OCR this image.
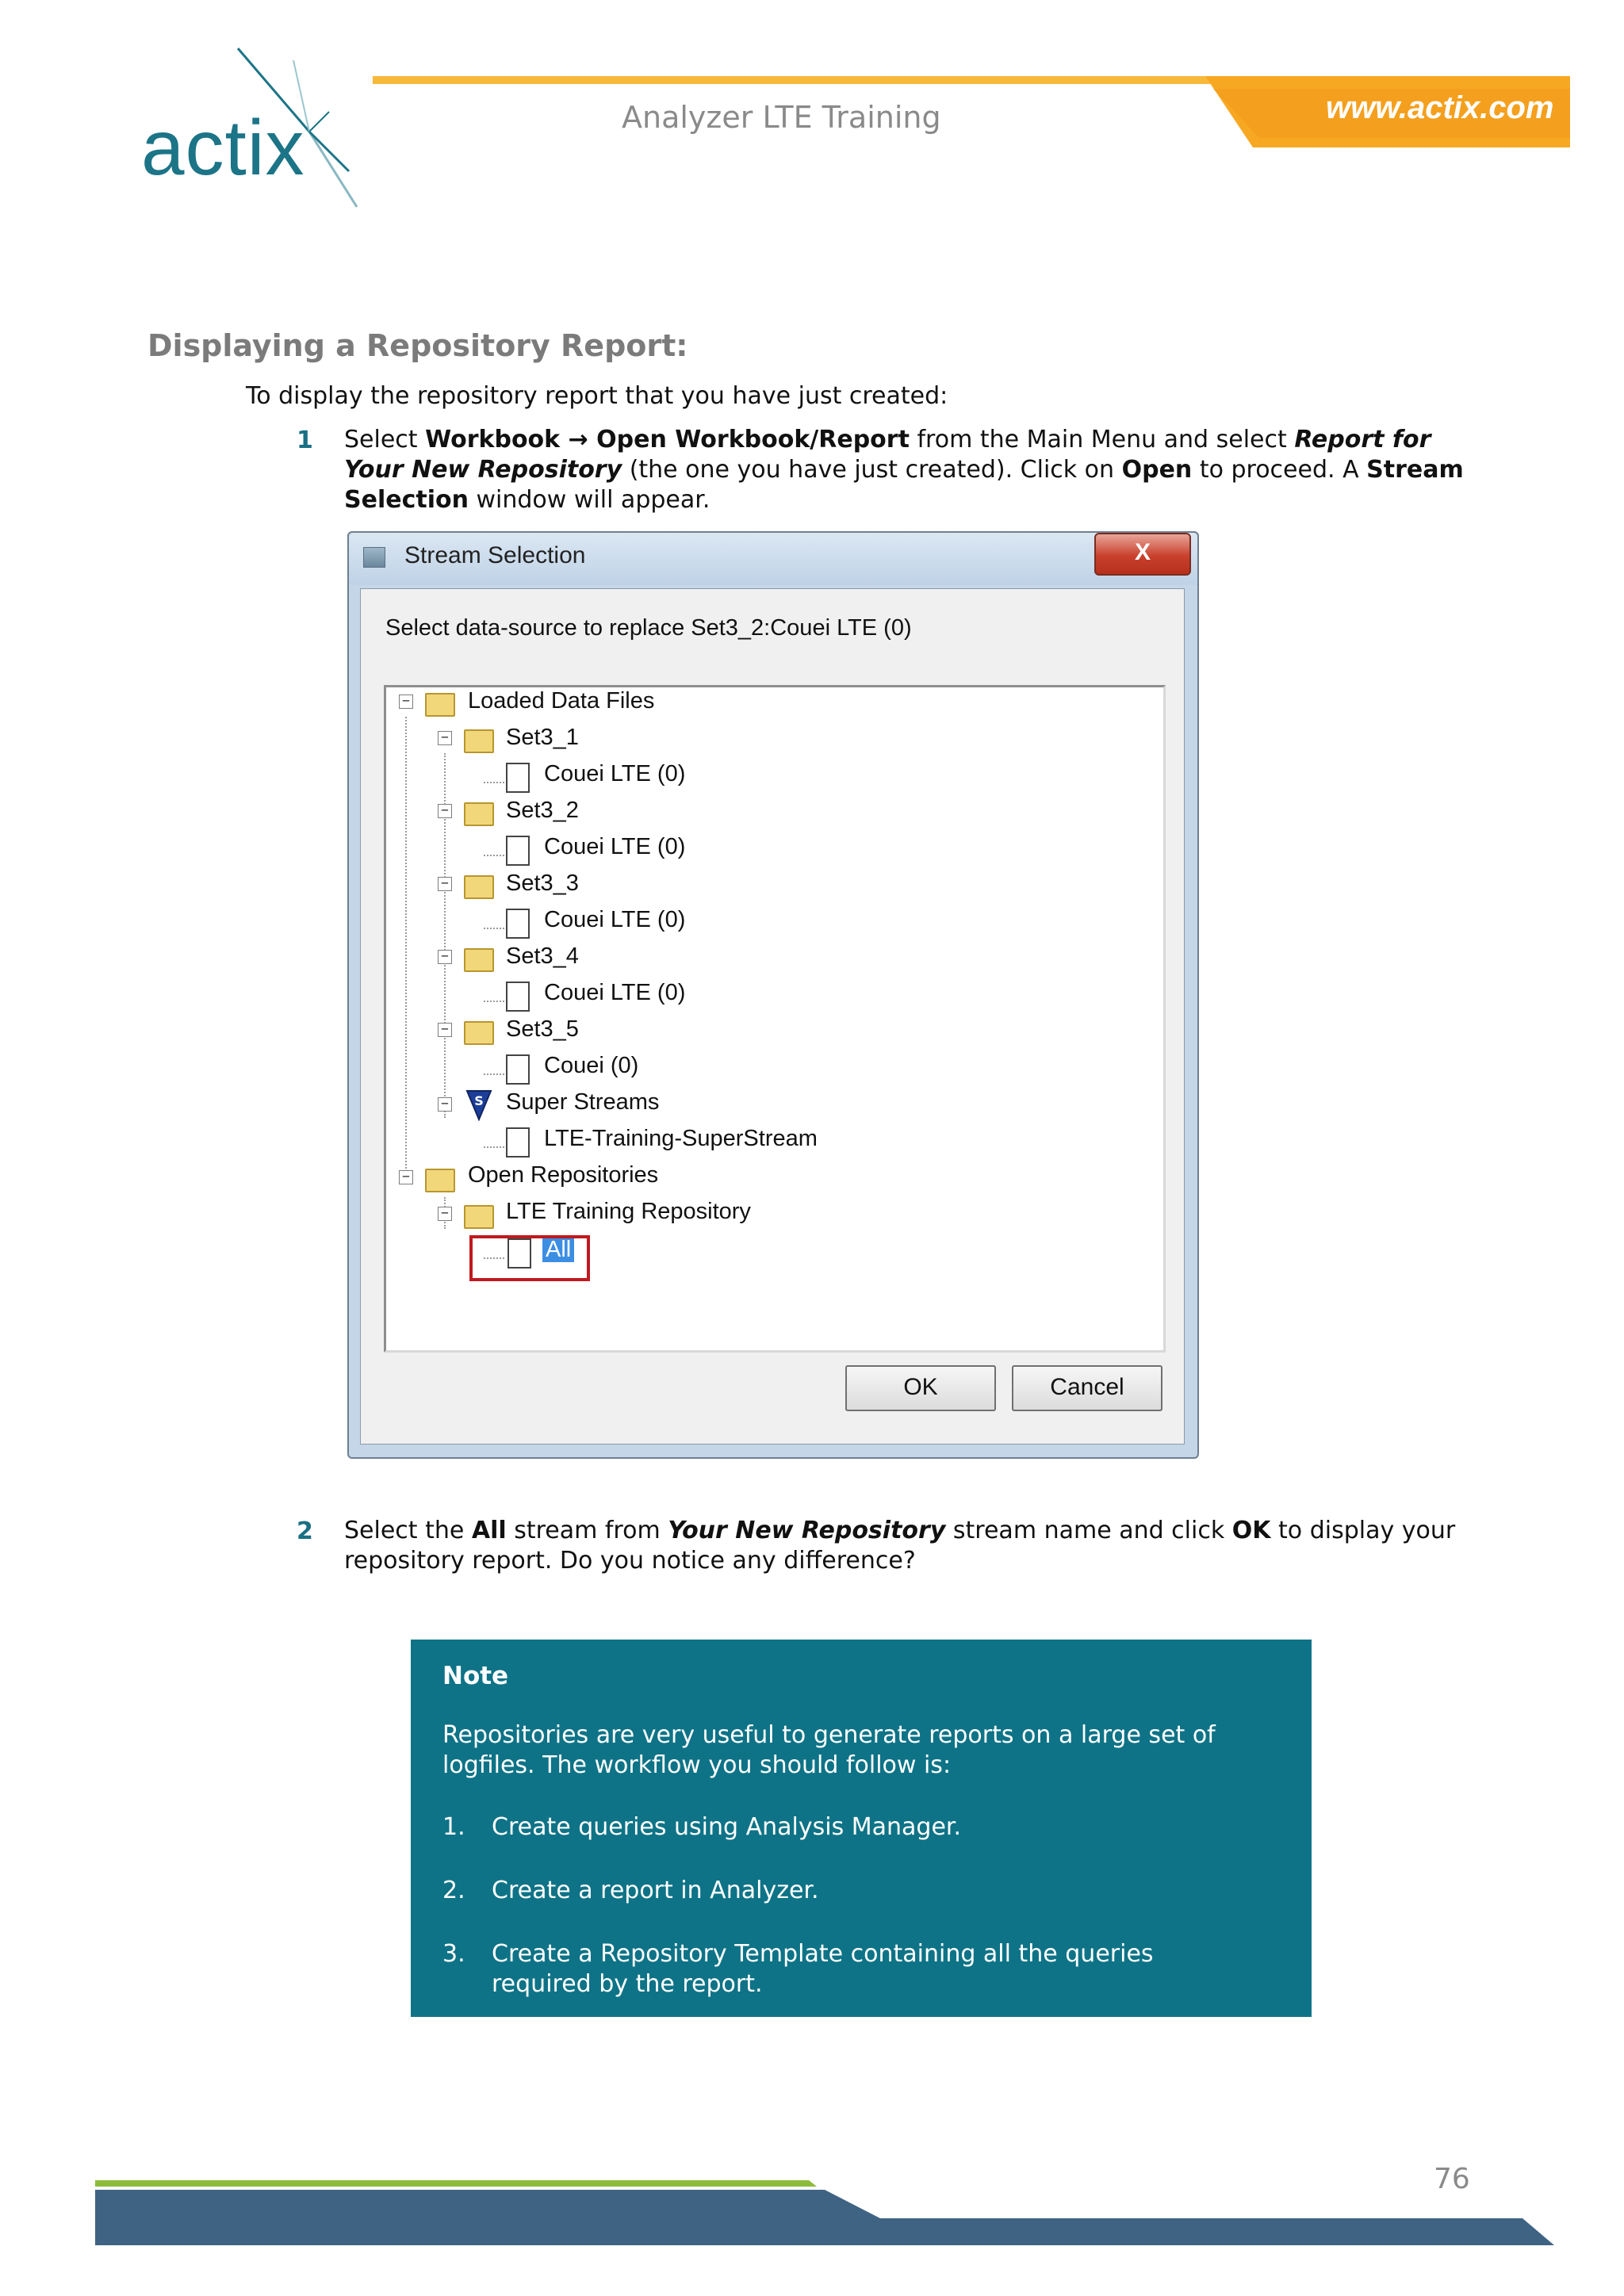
actix	Analyzer LTE Training	www.actix.com
Displaying a Repository Report:
To display the repository report that you have just created:
1 Select Workbook → Open Workbook/Report from the Main Menu and select Report for Your New Repository (the one you have just created). Click on Open to proceed. A Stream Selection window will appear.
Stream Selection	X
Select data-source to replace Set3_2:Couei LTE (0)
−	Loaded Data Files
− Set3_1
Couei LTE (0)
− Set3_2
Couei LTE (0)
− Set3_3
Couei LTE (0)
− Set3_4
Couei LTE (0)
− Set3_5
Couei (0)
− S Super Streams
LTE-Training-SuperStream
−	Open Repositories
− LTE Training Repository
All
OK	Cancel
2 Select the All stream from Your New Repository stream name and click OK to display your repository report. Do you notice any difference?
Note
Repositories are very useful to generate reports on a large set of logfiles. The workflow you should follow is:
1. Create queries using Analysis Manager.
2. Create a report in Analyzer.
3. Create a Repository Template containing all the queries required by the report.
76
